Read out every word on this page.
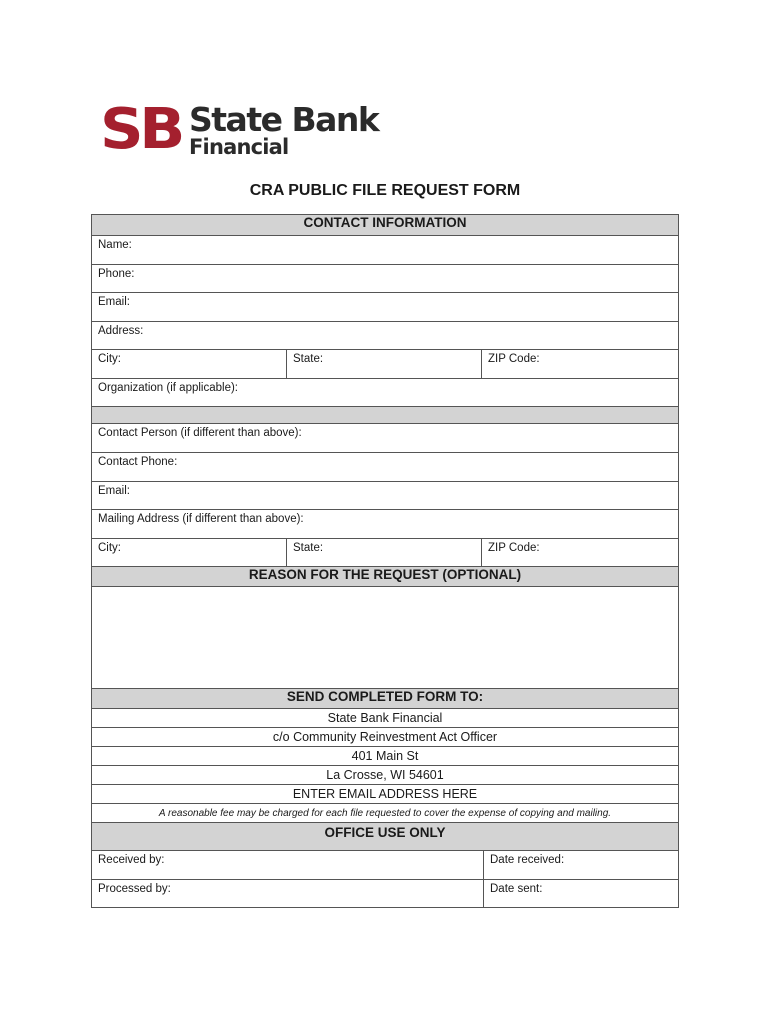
SB State Bank
Financial
CRA PUBLIC FILE REQUEST FORM
CONTACT INFORMATION
Name:
Phone:
Email:
Address:
City:	State:	ZIP Code:
Organization (if applicable):
Contact Person (if different than above):
Contact Phone:
Email:
Mailing Address (if different than above):
City:	State:	ZIP Code:
REASON FOR THE REQUEST (OPTIONAL)
SEND COMPLETED FORM TO:
State Bank Financial
c/o Community Reinvestment Act Officer
401 Main St
La Crosse, WI 54601
ENTER EMAIL ADDRESS HERE
A reasonable fee may be charged for each file requested to cover the expense of copying and mailing.
OFFICE USE ONLY
Received by:	Date received:
Processed by:	Date sent:
